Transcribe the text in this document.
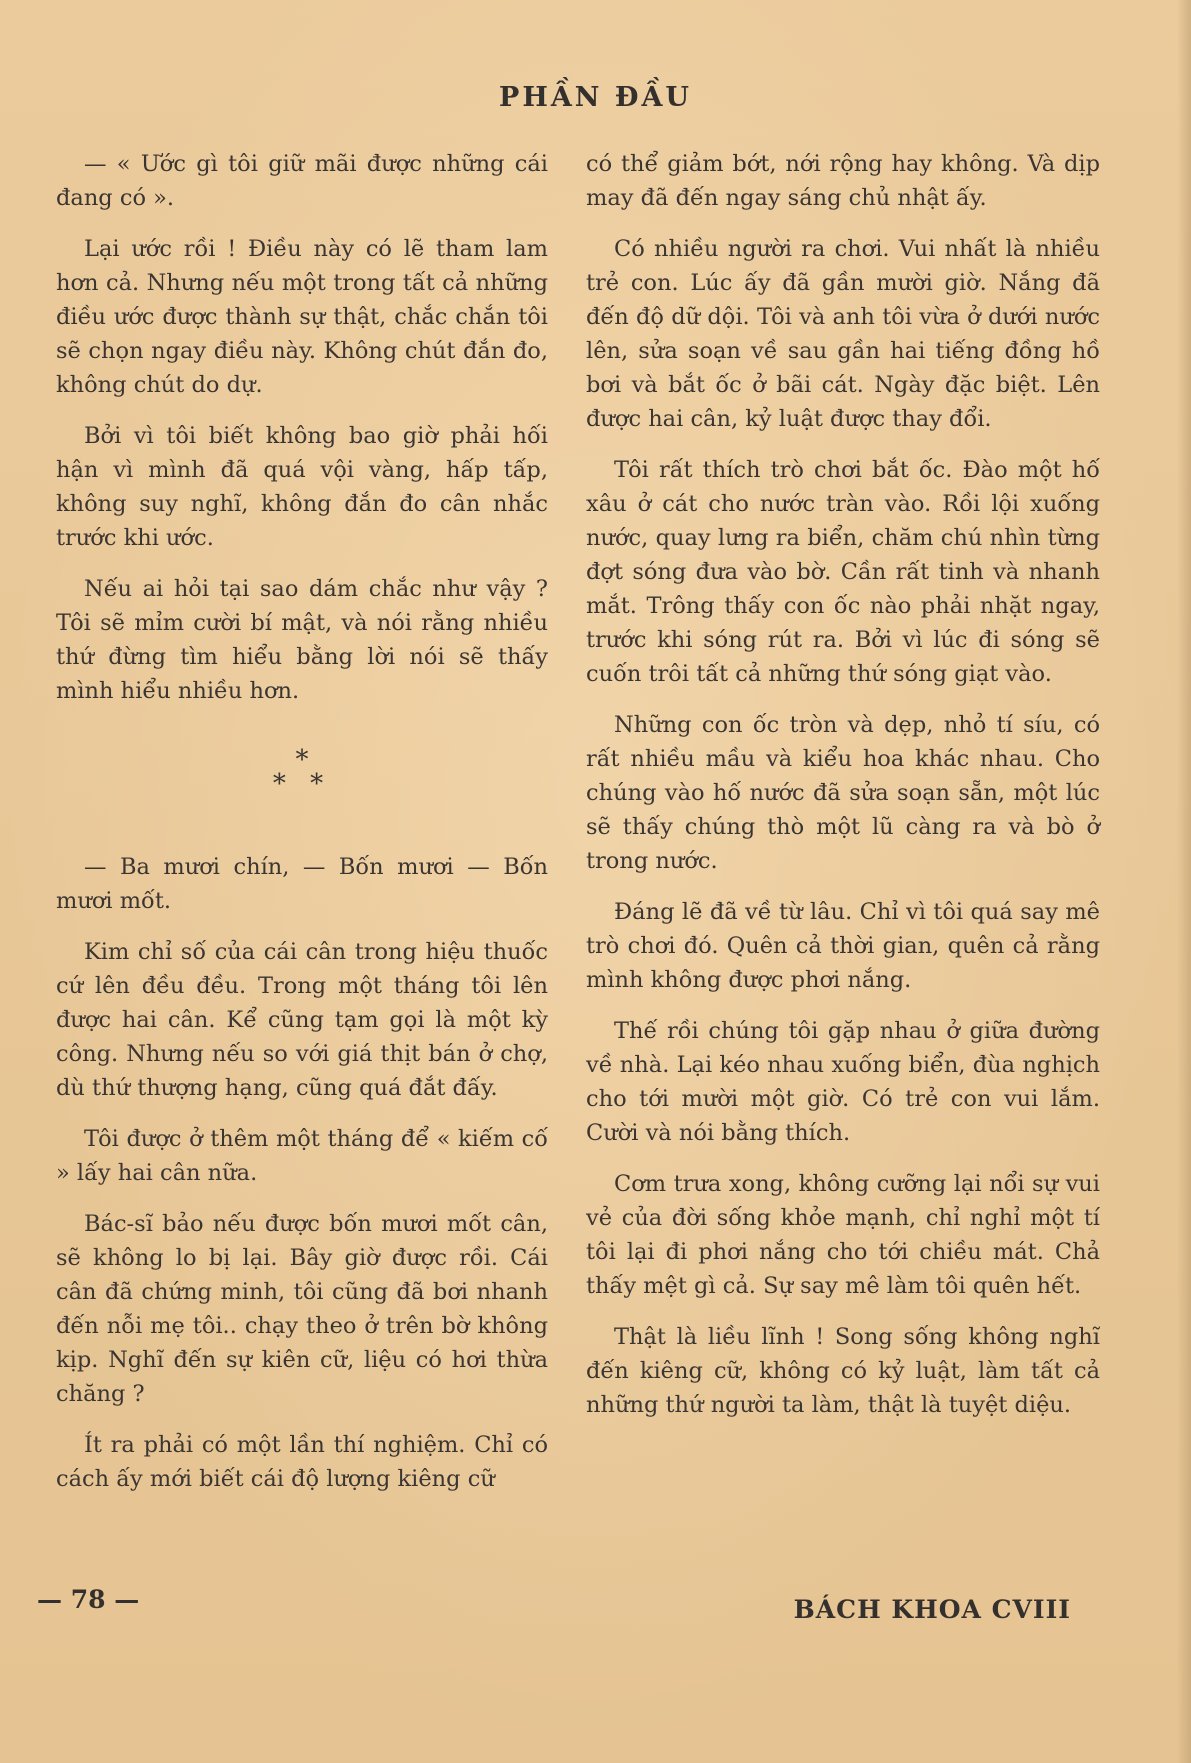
PHẦN ĐẦU

— « Ước gì tôi giữ mãi được những cái đang có ».

Lại ước rồi ! Điều này có lẽ tham lam hơn cả. Nhưng nếu một trong tất cả những điều ước được thành sự thật, chắc chắn tôi sẽ chọn ngay điều này. Không chút đắn đo, không chút do dự.

Bởi vì tôi biết không bao giờ phải hối hận vì mình đã quá vội vàng, hấp tấp, không suy nghĩ, không đắn đo cân nhắc trước khi ước.

Nếu ai hỏi tại sao dám chắc như vậy ? Tôi sẽ mỉm cười bí mật, và nói rằng nhiều thứ đừng tìm hiểu bằng lời nói sẽ thấy mình hiểu nhiều hơn.

*
* *

— Ba mươi chín, — Bốn mươi — Bốn mươi mốt.

Kim chỉ số của cái cân trong hiệu thuốc cứ lên đều đều. Trong một tháng tôi lên được hai cân. Kể cũng tạm gọi là một kỳ công. Nhưng nếu so với giá thịt bán ở chợ, dù thứ thượng hạng, cũng quá đắt đấy.

Tôi được ở thêm một tháng để « kiếm cố » lấy hai cân nữa.

Bác-sĩ bảo nếu được bốn mươi mốt cân, sẽ không lo bị lại. Bây giờ được rồi. Cái cân đã chứng minh, tôi cũng đã bơi nhanh đến nỗi mẹ tôi.. chạy theo ở trên bờ không kịp. Nghĩ đến sự kiên cữ, liệu có hơi thừa chăng ?

Ít ra phải có một lần thí nghiệm. Chỉ có cách ấy mới biết cái độ lượng kiêng cữ

có thể giảm bớt, nới rộng hay không. Và dịp may đã đến ngay sáng chủ nhật ấy.

Có nhiều người ra chơi. Vui nhất là nhiều trẻ con. Lúc ấy đã gần mười giờ. Nắng đã đến độ dữ dội. Tôi và anh tôi vừa ở dưới nước lên, sửa soạn về sau gần hai tiếng đồng hồ bơi và bắt ốc ở bãi cát. Ngày đặc biệt. Lên được hai cân, kỷ luật được thay đổi.

Tôi rất thích trò chơi bắt ốc. Đào một hố xâu ở cát cho nước tràn vào. Rồi lội xuống nước, quay lưng ra biển, chăm chú nhìn từng đợt sóng đưa vào bờ. Cần rất tinh và nhanh mắt. Trông thấy con ốc nào phải nhặt ngay, trước khi sóng rút ra. Bởi vì lúc đi sóng sẽ cuốn trôi tất cả những thứ sóng giạt vào.

Những con ốc tròn và dẹp, nhỏ tí síu, có rất nhiều mầu và kiểu hoa khác nhau. Cho chúng vào hố nước đã sửa soạn sẵn, một lúc sẽ thấy chúng thò một lũ càng ra và bò ở trong nước.

Đáng lẽ đã về từ lâu. Chỉ vì tôi quá say mê trò chơi đó. Quên cả thời gian, quên cả rằng mình không được phơi nắng.

Thế rồi chúng tôi gặp nhau ở giữa đường về nhà. Lại kéo nhau xuống biển, đùa nghịch cho tới mười một giờ. Có trẻ con vui lắm. Cười và nói bằng thích.

Cơm trưa xong, không cưỡng lại nổi sự vui vẻ của đời sống khỏe mạnh, chỉ nghỉ một tí tôi lại đi phơi nắng cho tới chiều mát. Chả thấy mệt gì cả. Sự say mê làm tôi quên hết.

Thật là liều lĩnh ! Song sống không nghĩ đến kiêng cữ, không có kỷ luật, làm tất cả những thứ người ta làm, thật là tuyệt diệu.

— 78 —	BÁCH KHOA CVIII
